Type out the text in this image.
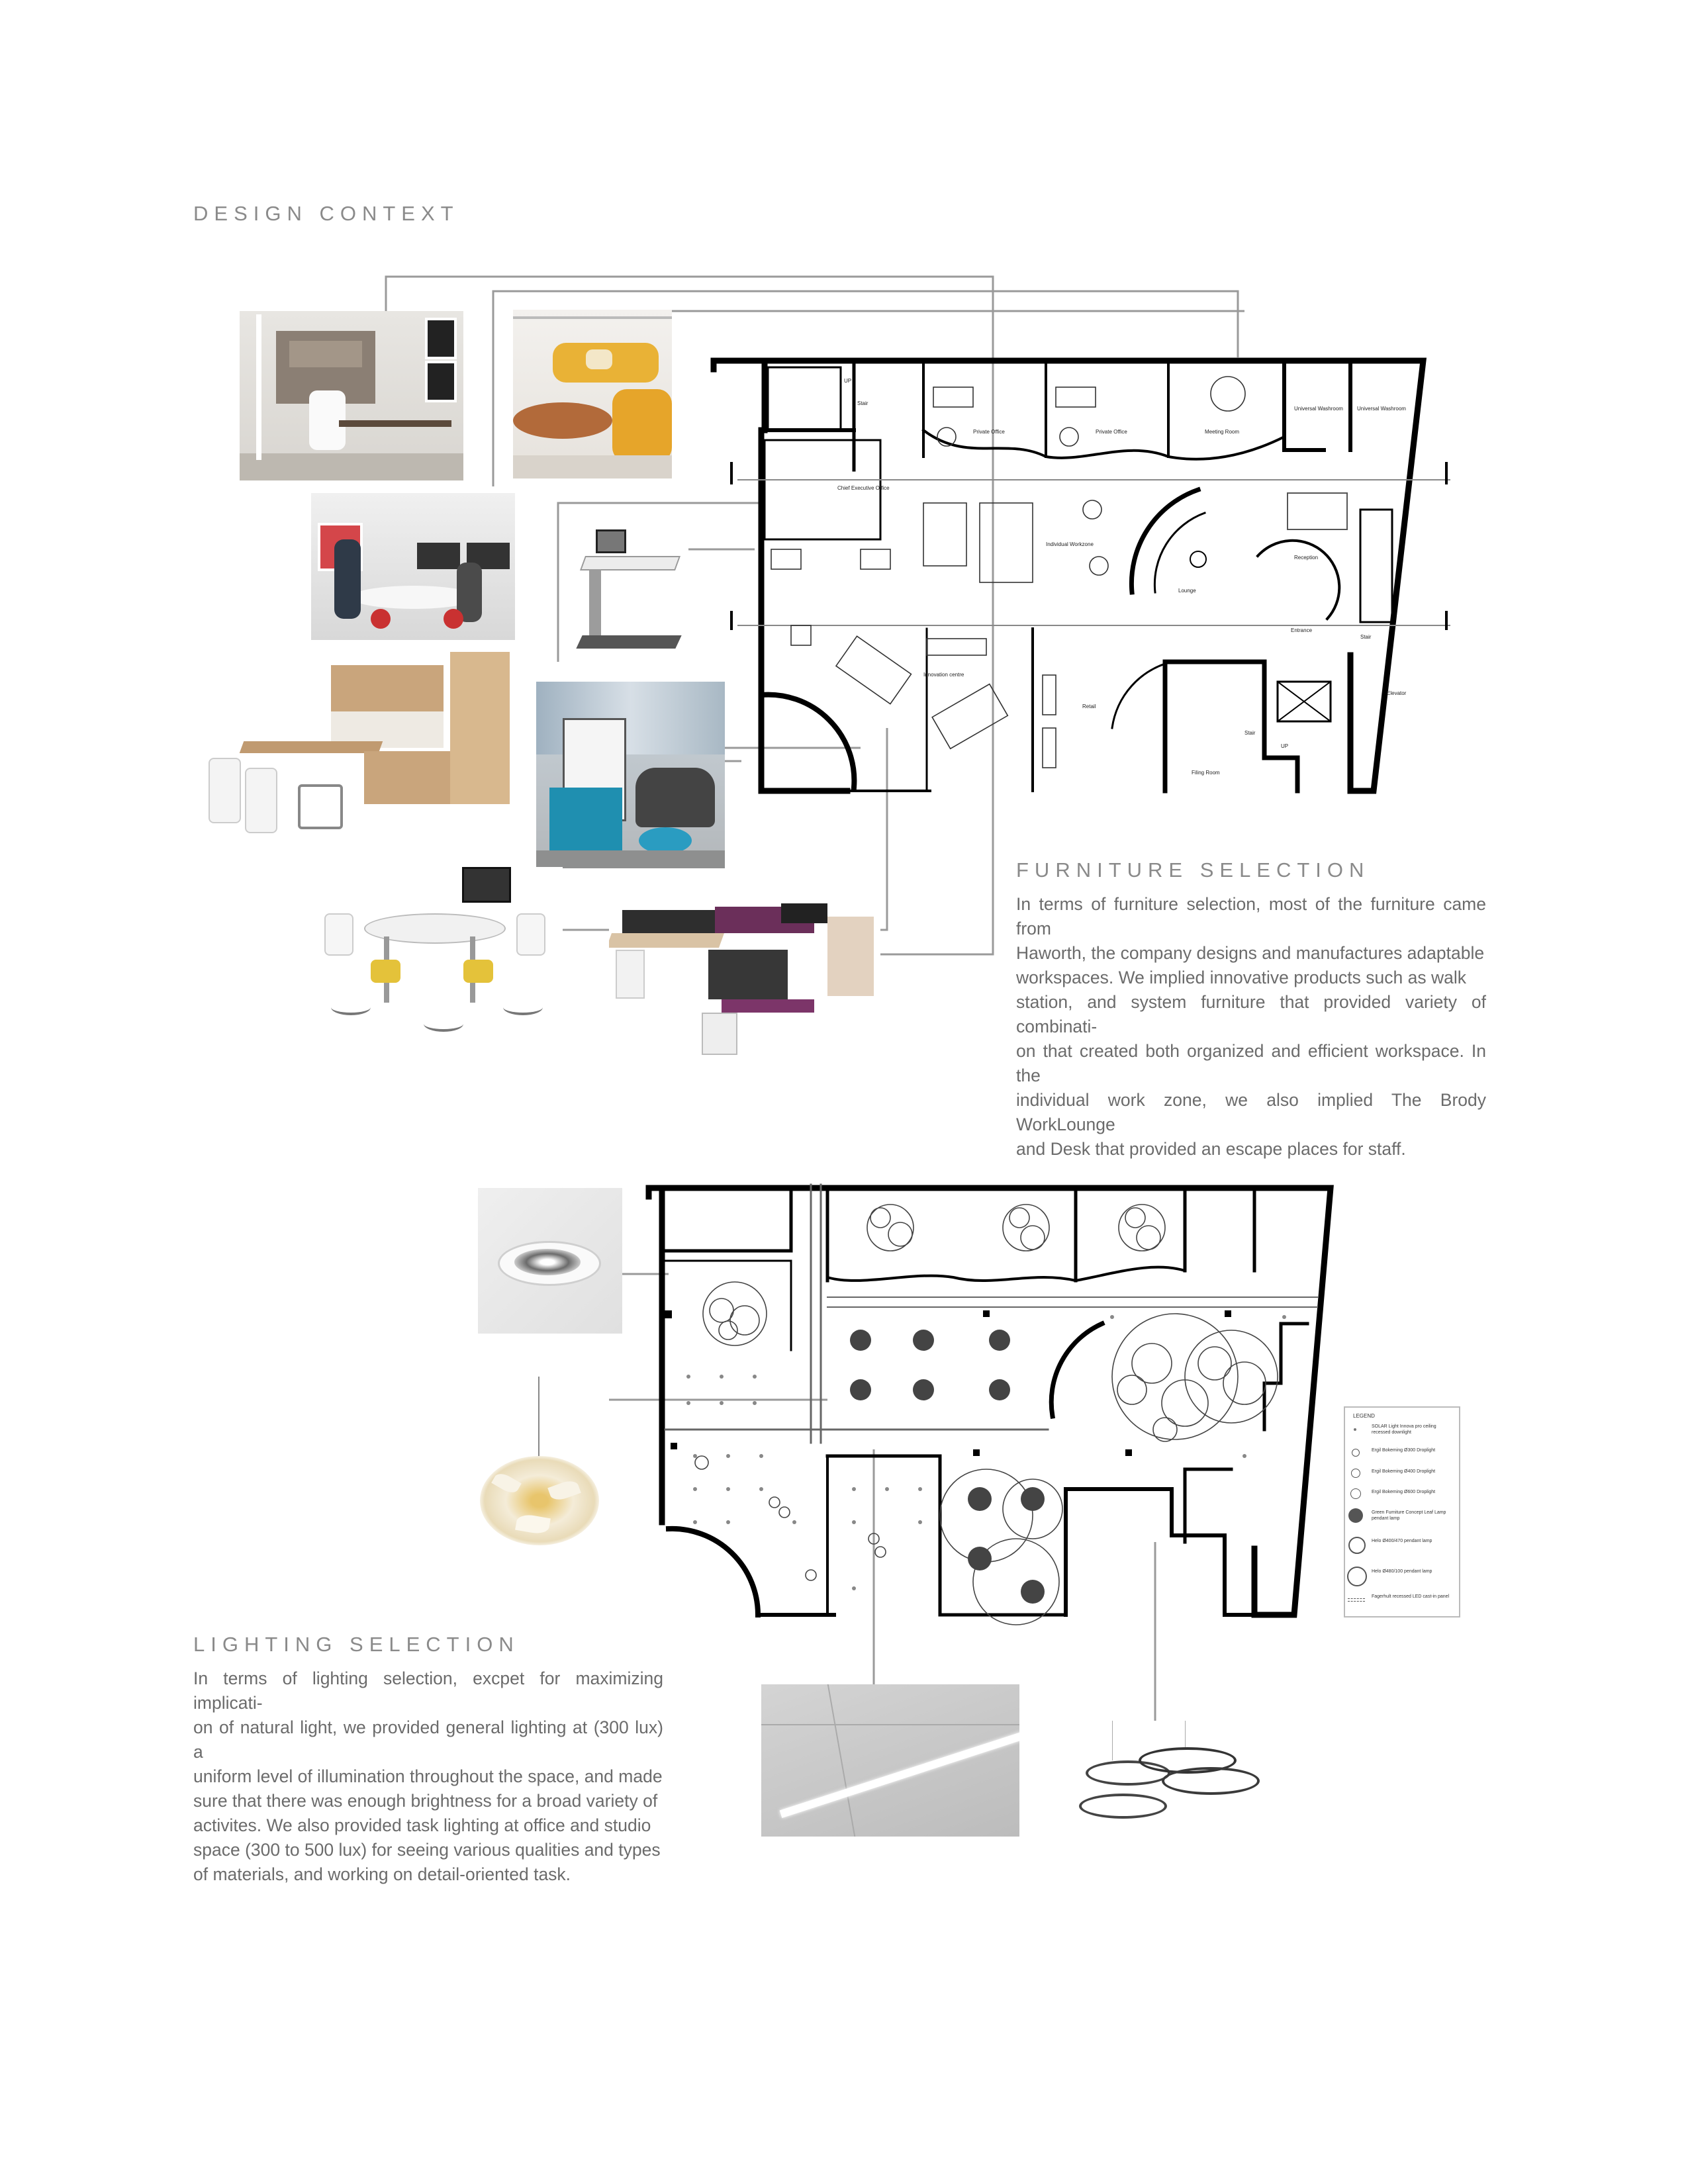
DESIGN CONTEXT
FURNITURE SELECTION
In terms of furniture selection, most of the furniture came from
Haworth, the company designs and manufactures adaptable
workspaces. We implied innovative products such as walk
station, and system furniture that provided variety of combinati-
on that created both organized and efficient workspace. In the
individual work zone, we also implied The Brody WorkLounge
and Desk that provided an escape places for staff.
LIGHTING SELECTION
In terms of lighting selection, excpet for maximizing implicati-
on of natural light, we provided general lighting at (300 lux) a
uniform level of illumination throughout the space, and made
sure that there was enough brightness for a broad variety of
activites. We also provided task lighting at office and studio
space (300 to 500 lux) for seeing various qualities and types
of materials, and working on detail-oriented task.
Private Office	Private Office	Meeting Room
Universal Washroom	Universal Washroom
Chief Executive Office
Individual Workzone
Lounge
Reception
Entrance
Innovation centre
Retail
Filing Room
Stair
Stair
Stair
Elevator
UP
UP
LEGEND
SOLAR Light Innova pro ceiling recessed downlight
Ergil Bokeming Ø300 Droplight
Ergil Bokeming Ø400 Droplight
Ergil Bokeming Ø600 Droplight
Green Furniture Concept Leaf Lamp pendant lamp
Helo Ø400/470 pendant lamp
Helo Ø480/100 pendant lamp
Fagerhult recessed LED cast-in panel
